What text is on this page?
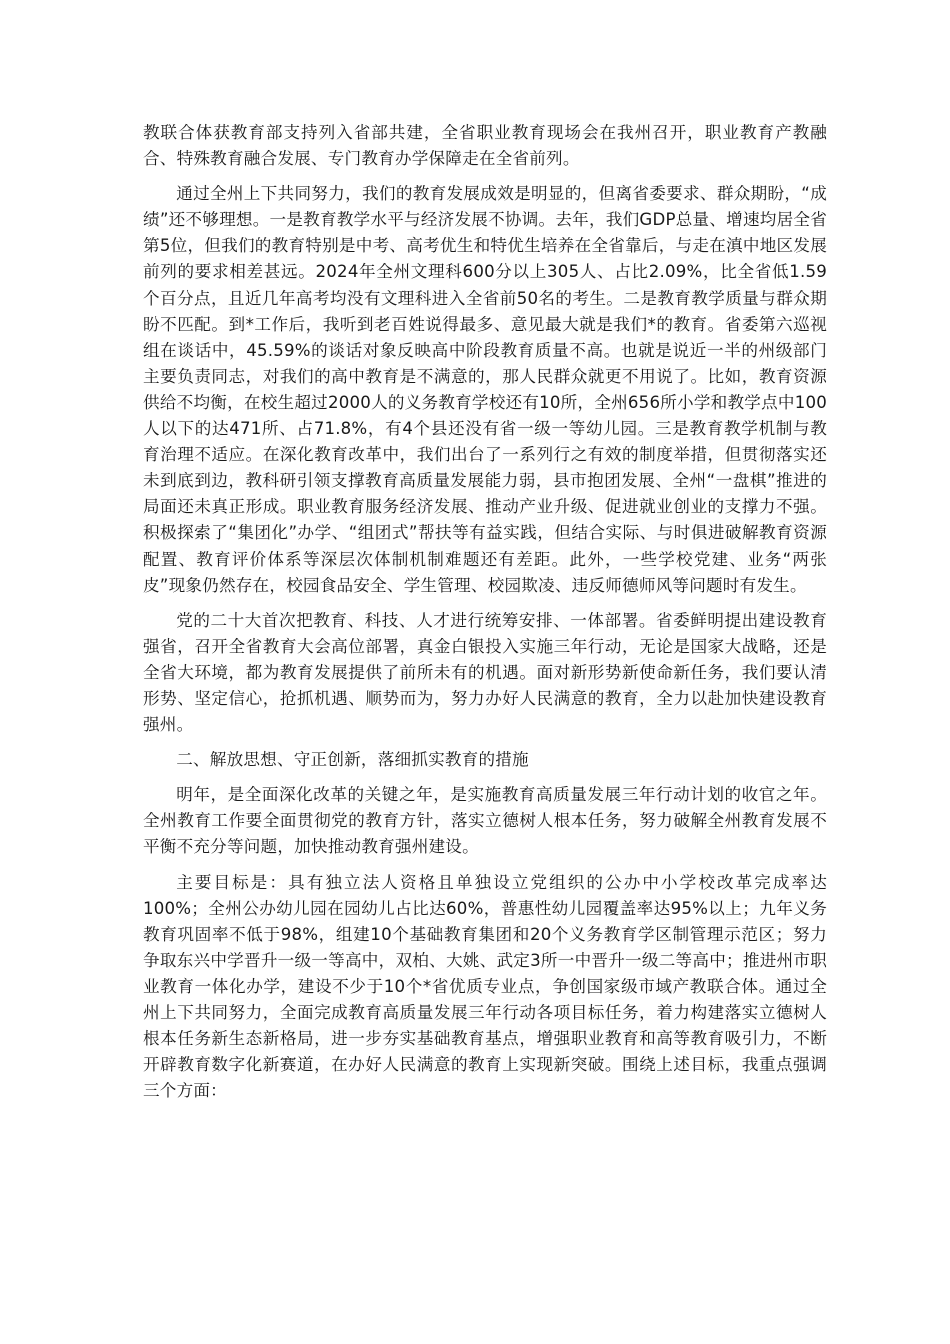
教联合体获教育部支持列入省部共建，全省职业教育现场会在我州召开，职业教育产教融合、特殊教育融合发展、专门教育办学保障走在全省前列。

通过全州上下共同努力，我们的教育发展成效是明显的，但离省委要求、群众期盼，“成绩”还不够理想。一是教育教学水平与经济发展不协调。去年，我们GDP总量、增速均居全省第5位，但我们的教育特别是中考、高考优生和特优生培养在全省靠后，与走在滇中地区发展前列的要求相差甚远。2024年全州文理科600分以上305人、占比2.09%，比全省低1.59个百分点，且近几年高考均没有文理科进入全省前50名的考生。二是教育教学质量与群众期盼不匹配。到*工作后，我听到老百姓说得最多、意见最大就是我们*的教育。省委第六巡视组在谈话中，45.59%的谈话对象反映高中阶段教育质量不高。也就是说近一半的州级部门主要负责同志，对我们的高中教育是不满意的，那人民群众就更不用说了。比如，教育资源供给不均衡，在校生超过2000人的义务教育学校还有10所，全州656所小学和教学点中100人以下的达471所、占71.8%，有4个县还没有省一级一等幼儿园。三是教育教学机制与教育治理不适应。在深化教育改革中，我们出台了一系列行之有效的制度举措，但贯彻落实还未到底到边，教科研引领支撑教育高质量发展能力弱，县市抱团发展、全州“一盘棋”推进的局面还未真正形成。职业教育服务经济发展、推动产业升级、促进就业创业的支撑力不强。积极探索了“集团化”办学、“组团式”帮扶等有益实践，但结合实际、与时俱进破解教育资源配置、教育评价体系等深层次体制机制难题还有差距。此外，一些学校党建、业务“两张皮”现象仍然存在，校园食品安全、学生管理、校园欺凌、违反师德师风等问题时有发生。

党的二十大首次把教育、科技、人才进行统筹安排、一体部署。省委鲜明提出建设教育强省，召开全省教育大会高位部署，真金白银投入实施三年行动，无论是国家大战略，还是全省大环境，都为教育发展提供了前所未有的机遇。面对新形势新使命新任务，我们要认清形势、坚定信心，抢抓机遇、顺势而为，努力办好人民满意的教育，全力以赴加快建设教育强州。

二、解放思想、守正创新，落细抓实教育的措施

明年，是全面深化改革的关键之年，是实施教育高质量发展三年行动计划的收官之年。全州教育工作要全面贯彻党的教育方针，落实立德树人根本任务，努力破解全州教育发展不平衡不充分等问题，加快推动教育强州建设。

主要目标是：具有独立法人资格且单独设立党组织的公办中小学校改革完成率达100%；全州公办幼儿园在园幼儿占比达60%，普惠性幼儿园覆盖率达95%以上；九年义务教育巩固率不低于98%，组建10个基础教育集团和20个义务教育学区制管理示范区；努力争取东兴中学晋升一级一等高中，双柏、大姚、武定3所一中晋升一级二等高中；推进州市职业教育一体化办学，建设不少于10个*省优质专业点，争创国家级市域产教联合体。通过全州上下共同努力，全面完成教育高质量发展三年行动各项目标任务，着力构建落实立德树人根本任务新生态新格局，进一步夯实基础教育基点，增强职业教育和高等教育吸引力，不断开辟教育数字化新赛道，在办好人民满意的教育上实现新突破。围绕上述目标，我重点强调三个方面：
